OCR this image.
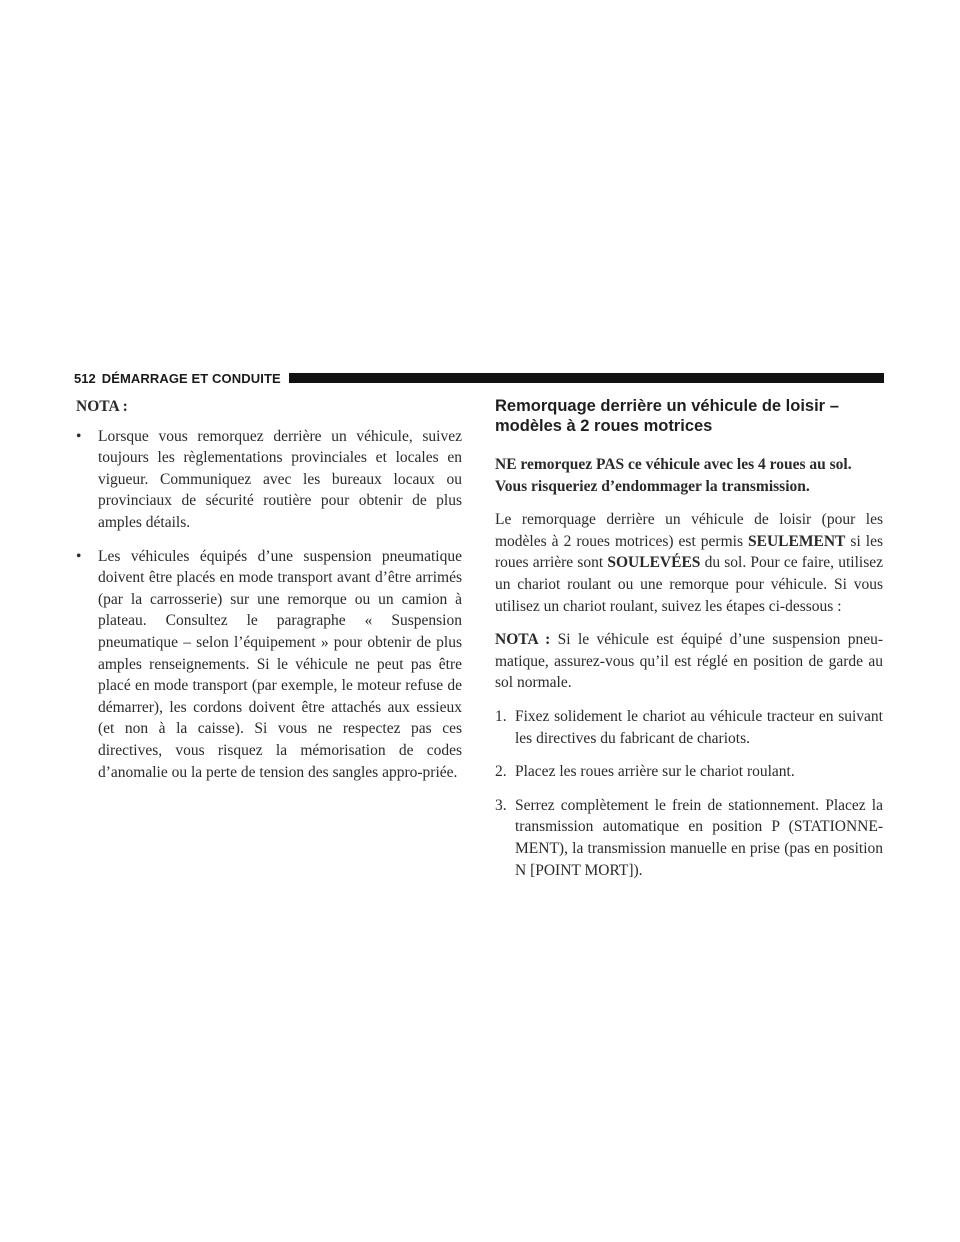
512 DÉMARRAGE ET CONDUITE

NOTA :

• Lorsque vous remorquez derrière un véhicule, suivez toujours les règlementations provinciales et locales en vigueur. Communiquez avec les bureaux locaux ou provinciaux de sécurité routière pour obtenir de plus amples détails.
• Les véhicules équipés d’une suspension pneumatique doivent être placés en mode transport avant d’être arrimés (par la carrosserie) sur une remorque ou un camion à plateau. Consultez le paragraphe « Suspension pneumatique – selon l’équipement » pour obtenir de plus amples renseignements. Si le véhicule ne peut pas être placé en mode transport (par exemple, le moteur refuse de démarrer), les cordons doivent être attachés aux essieux (et non à la caisse). Si vous ne respectez pas ces directives, vous risquez la mémorisation de codes d’anomalie ou la perte de tension des sangles appro-priée.
Remorquage derrière un véhicule de loisir –
modèles à 2 roues motrices

NE remorquez PAS ce véhicule avec les 4 roues au sol. Vous risqueriez d’endommager la transmission.

Le remorquage derrière un véhicule de loisir (pour les modèles à 2 roues motrices) est permis SEULEMENT si les roues arrière sont SOULEVÉES du sol. Pour ce faire, utilisez un chariot roulant ou une remorque pour véhicule. Si vous utilisez un chariot roulant, suivez les étapes ci-dessous :

NOTA : Si le véhicule est équipé d’une suspension pneu-matique, assurez-vous qu’il est réglé en position de garde au sol normale.

1. Fixez solidement le chariot au véhicule tracteur en suivant les directives du fabricant de chariots.
2. Placez les roues arrière sur le chariot roulant.
3. Serrez complètement le frein de stationnement. Placez la transmission automatique en position P (STATIONNE-MENT), la transmission manuelle en prise (pas en position N [POINT MORT]).
